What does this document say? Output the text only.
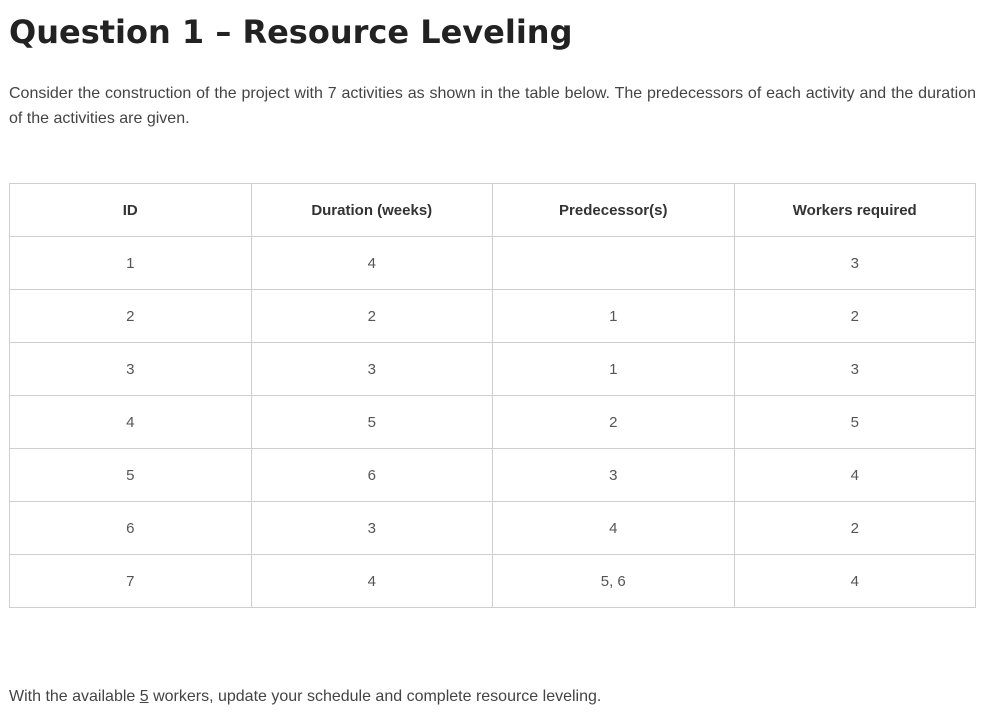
Question 1 – Resource Leveling

Consider the construction of the project with 7 activities as shown in the table below. The predecessors of each activity and the duration of the activities are given.

ID	Duration (weeks)	Predecessor(s)	Workers required
1	4		3
2	2	1	2
3	3	1	3
4	5	2	5
5	6	3	4
6	3	4	2
7	4	5, 6	4

With the available 5 workers, update your schedule and complete resource leveling.
